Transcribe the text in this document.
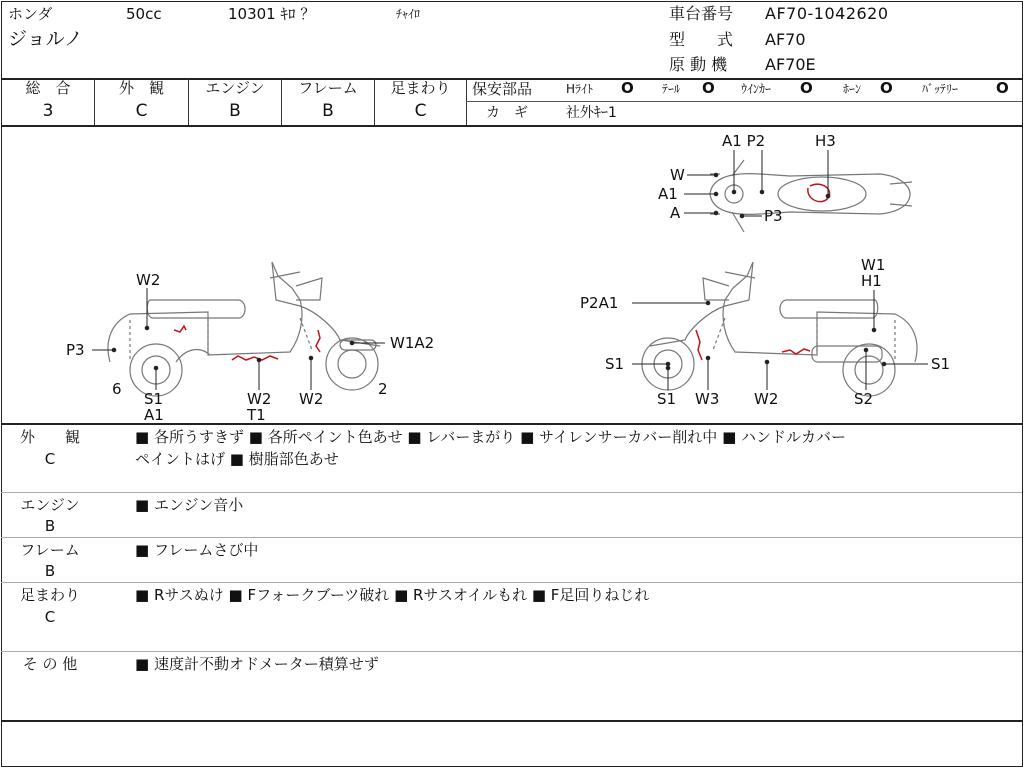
ホンダ	50cc	10301 ｷﾛ ？	ﾁｬｲﾛ
ジョルノ
車台番号 AF70-1042620
型　　式 AF70
原 動 機 AF70E
総　合
3
外　観
C
エンジン
B
フレーム
B
足まわり
C
保安部品	Hﾗｲﾄ O ﾃｰﾙ O ｳｲﾝｶｰ O	ﾎｰﾝ O ﾊﾞｯﾃﾘｰ	O
カ　ギ	社外ｷｰ1
A1 P2	H3
W
A1
A	P3
W2
P3	W1A2
6
S1
A1
W2
T1
W2
2
W1
H1
P2A1
S1
S1 W3 W2	S2
S1
外　　観
C
■ 各所うすきず ■ 各所ペイント色あせ ■ レバーまがり ■ サイレンサーカバー削れ中 ■ ハンドルカバー
ペイントはげ ■ 樹脂部色あせ
エンジン
B
■ エンジン音小
フレーム
B
■ フレームさび中
足まわり
C
■ Rサスぬけ ■ Fフォークブーツ破れ ■ Rサスオイルもれ ■ F足回りねじれ
そ の 他	■ 速度計不動オドメーター積算せず
